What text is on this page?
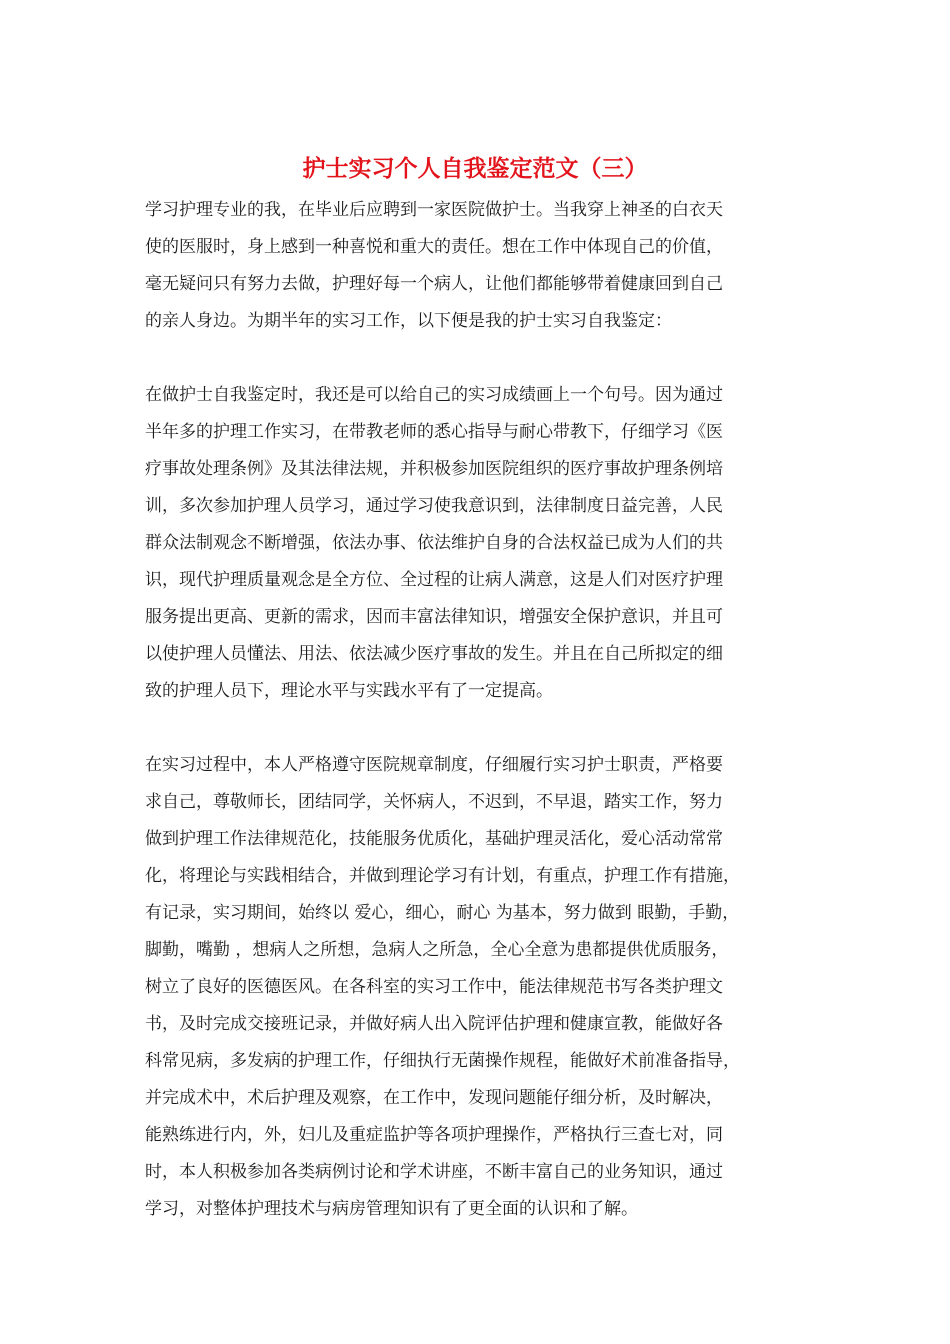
护士实习个人自我鉴定范文（三）
学习护理专业的我，在毕业后应聘到一家医院做护士。当我穿上神圣的白衣天
使的医服时，身上感到一种喜悦和重大的责任。想在工作中体现自己的价值，
毫无疑问只有努力去做，护理好每一个病人，让他们都能够带着健康回到自己
的亲人身边。为期半年的实习工作，以下便是我的护士实习自我鉴定：
在做护士自我鉴定时，我还是可以给自己的实习成绩画上一个句号。因为通过
半年多的护理工作实习，在带教老师的悉心指导与耐心带教下，仔细学习《医
疗事故处理条例》及其法律法规，并积极参加医院组织的医疗事故护理条例培
训，多次参加护理人员学习，通过学习使我意识到，法律制度日益完善，人民
群众法制观念不断增强，依法办事、依法维护自身的合法权益已成为人们的共
识，现代护理质量观念是全方位、全过程的让病人满意，这是人们对医疗护理
服务提出更高、更新的需求，因而丰富法律知识，增强安全保护意识，并且可
以使护理人员懂法、用法、依法减少医疗事故的发生。并且在自己所拟定的细
致的护理人员下，理论水平与实践水平有了一定提高。
在实习过程中，本人严格遵守医院规章制度，仔细履行实习护士职责，严格要
求自己，尊敬师长，团结同学，关怀病人，不迟到，不早退，踏实工作，努力
做到护理工作法律规范化，技能服务优质化，基础护理灵活化，爱心活动常常
化，将理论与实践相结合，并做到理论学习有计划，有重点，护理工作有措施，
有记录，实习期间，始终以 爱心，细心，耐心 为基本，努力做到 眼勤，手勤，
脚勤，嘴勤 ，想病人之所想，急病人之所急，全心全意为患都提供优质服务，
树立了良好的医德医风。在各科室的实习工作中，能法律规范书写各类护理文
书，及时完成交接班记录，并做好病人出入院评估护理和健康宣教，能做好各
科常见病，多发病的护理工作，仔细执行无菌操作规程，能做好术前准备指导，
并完成术中，术后护理及观察，在工作中，发现问题能仔细分析，及时解决，
能熟练进行内，外，妇儿及重症监护等各项护理操作，严格执行三查七对，同
时，本人积极参加各类病例讨论和学术讲座，不断丰富自己的业务知识，通过
学习，对整体护理技术与病房管理知识有了更全面的认识和了解。
